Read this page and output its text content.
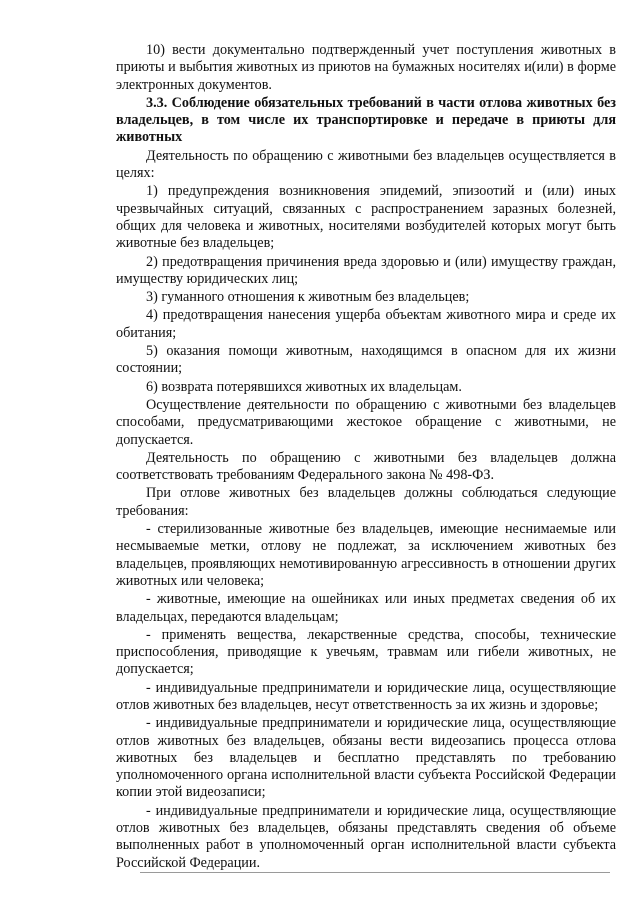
10) вести документально подтвержденный учет поступления животных в приюты и выбытия животных из приютов на бумажных носителях и(или) в форме электронных документов.

3.3. Соблюдение обязательных требований в части отлова животных без владельцев, в том числе их транспортировке и передаче в приюты для животных

Деятельность по обращению с животными без владельцев осуществляется в целях:

1) предупреждения возникновения эпидемий, эпизоотий и (или) иных чрезвычайных ситуаций, связанных с распространением заразных болезней, общих для человека и животных, носителями возбудителей которых могут быть животные без владельцев;

2) предотвращения причинения вреда здоровью и (или) имуществу граждан, имуществу юридических лиц;

3) гуманного отношения к животным без владельцев;

4) предотвращения нанесения ущерба объектам животного мира и среде их обитания;

5) оказания помощи животным, находящимся в опасном для их жизни состоянии;

6) возврата потерявшихся животных их владельцам.

Осуществление деятельности по обращению с животными без владельцев способами, предусматривающими жестокое обращение с животными, не допускается.

Деятельность по обращению с животными без владельцев должна соответствовать требованиям Федерального закона № 498-ФЗ.

При отлове животных без владельцев должны соблюдаться следующие требования:

- стерилизованные животные без владельцев, имеющие неснимаемые или несмываемые метки, отлову не подлежат, за исключением животных без владельцев, проявляющих немотивированную агрессивность в отношении других животных или человека;

- животные, имеющие на ошейниках или иных предметах сведения об их владельцах, передаются владельцам;

- применять вещества, лекарственные средства, способы, технические приспособления, приводящие к увечьям, травмам или гибели животных, не допускается;

- индивидуальные предприниматели и юридические лица, осуществляющие отлов животных без владельцев, несут ответственность за их жизнь и здоровье;

- индивидуальные предприниматели и юридические лица, осуществляющие отлов животных без владельцев, обязаны вести видеозапись процесса отлова животных без владельцев и бесплатно представлять по требованию уполномоченного органа исполнительной власти субъекта Российской Федерации копии этой видеозаписи;

- индивидуальные предприниматели и юридические лица, осуществляющие отлов животных без владельцев, обязаны представлять сведения об объеме выполненных работ в уполномоченный орган исполнительной власти субъекта Российской Федерации.
